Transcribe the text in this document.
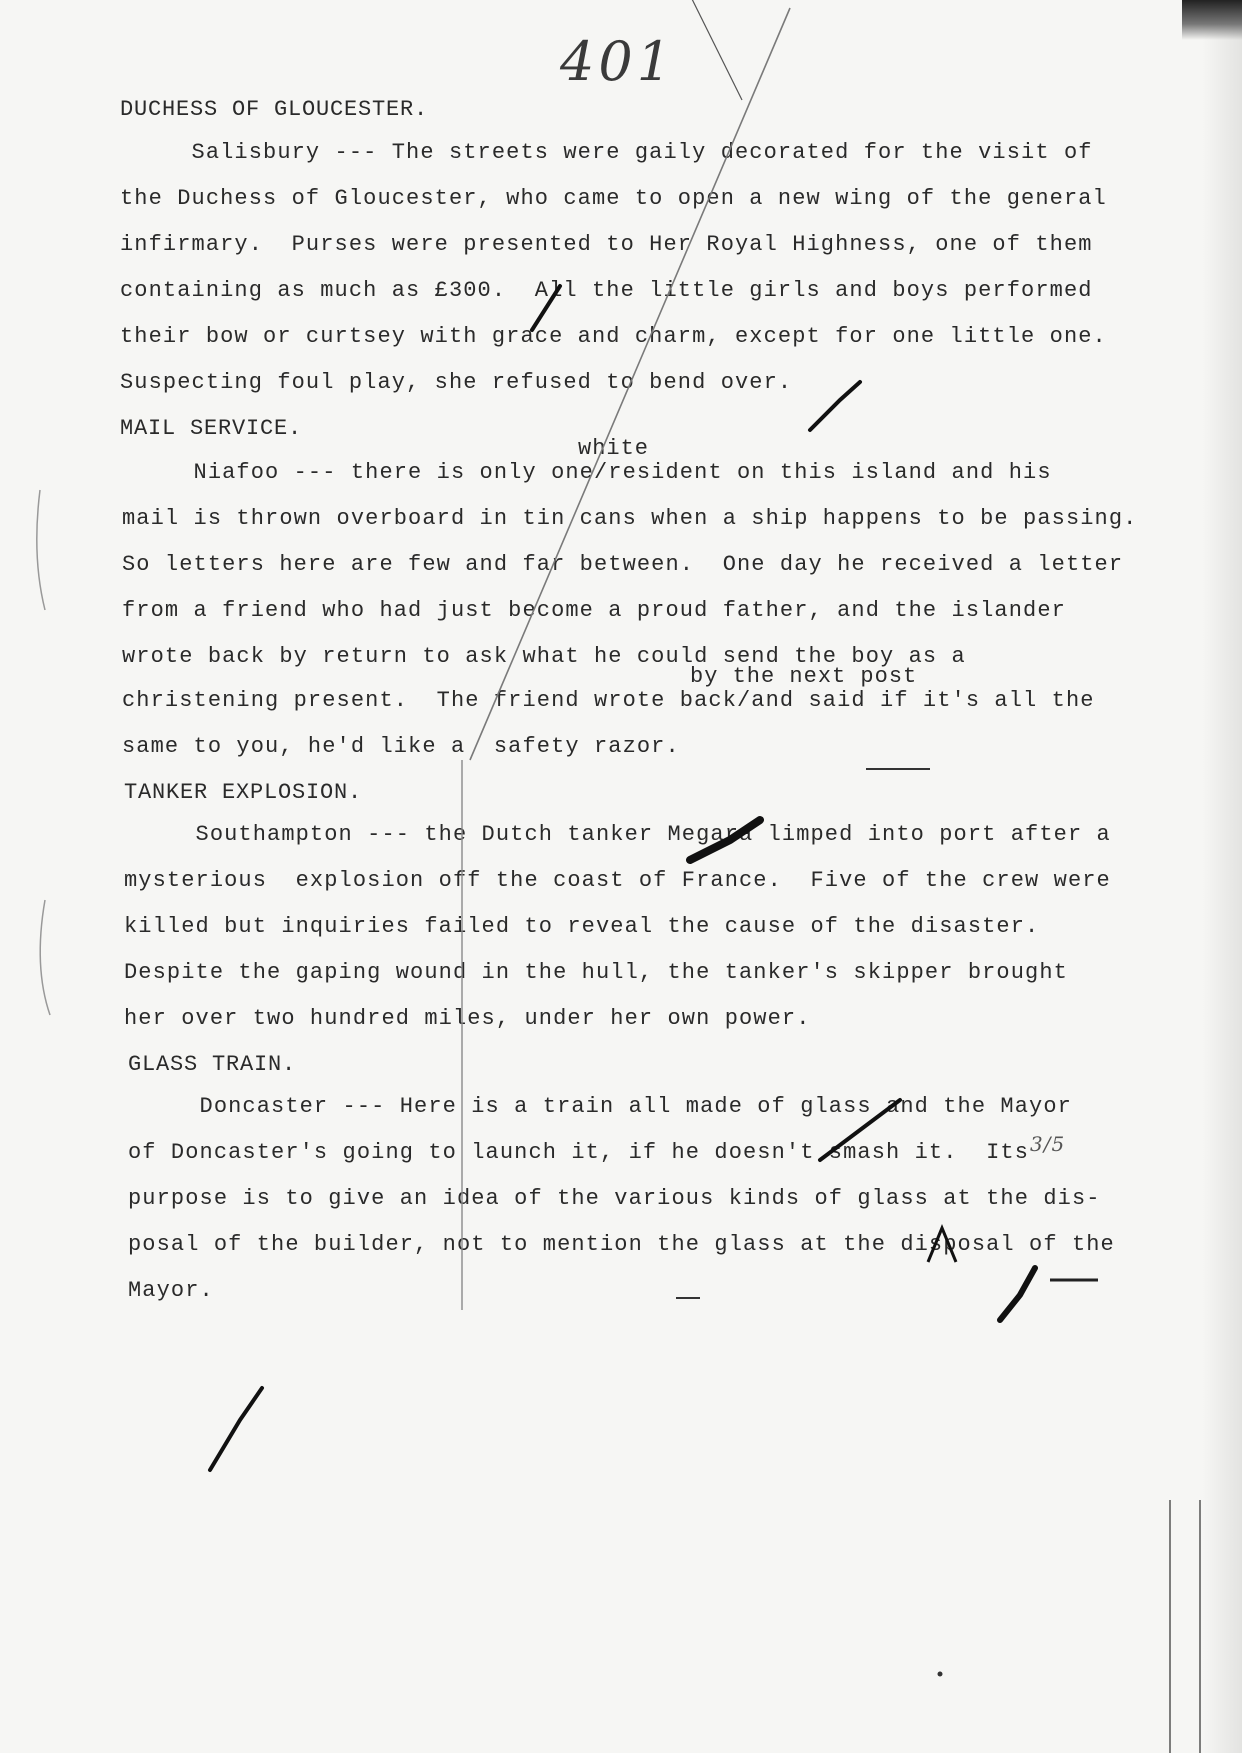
401
DUCHESS OF GLOUCESTER.
Salisbury --- The streets were gaily decorated for the visit of
the Duchess of Gloucester, who came to open a new wing of the general
infirmary.  Purses were presented to Her Royal Highness, one of them
containing as much as £300.  All the little girls and boys performed
their bow or curtsey with grace and charm, except for one little one.
Suspecting foul play, she refused to bend over.
MAIL SERVICE.
white
Niafoo --- there is only one/resident on this island and his
mail is thrown overboard in tin cans when a ship happens to be passing.
So letters here are few and far between.  One day he received a letter
from a friend who had just become a proud father, and the islander
wrote back by return to ask what he could send the boy as a
by the next post
christening present.  The friend wrote back/and said if it's all the
same to you, he'd like a  safety razor.
TANKER EXPLOSION.
Southampton --- the Dutch tanker Megara limped into port after a
mysterious  explosion off the coast of France.  Five of the crew were
killed but inquiries failed to reveal the cause of the disaster.
Despite the gaping wound in the hull, the tanker's skipper brought
her over two hundred miles, under her own power.
GLASS TRAIN.
Doncaster --- Here is a train all made of glass and the Mayor
of Doncaster's going to launch it, if he doesn't smash it.  Its
purpose is to give an idea of the various kinds of glass at the dis-
posal of the builder, not to mention the glass at the disposal of the
Mayor.
3/5
